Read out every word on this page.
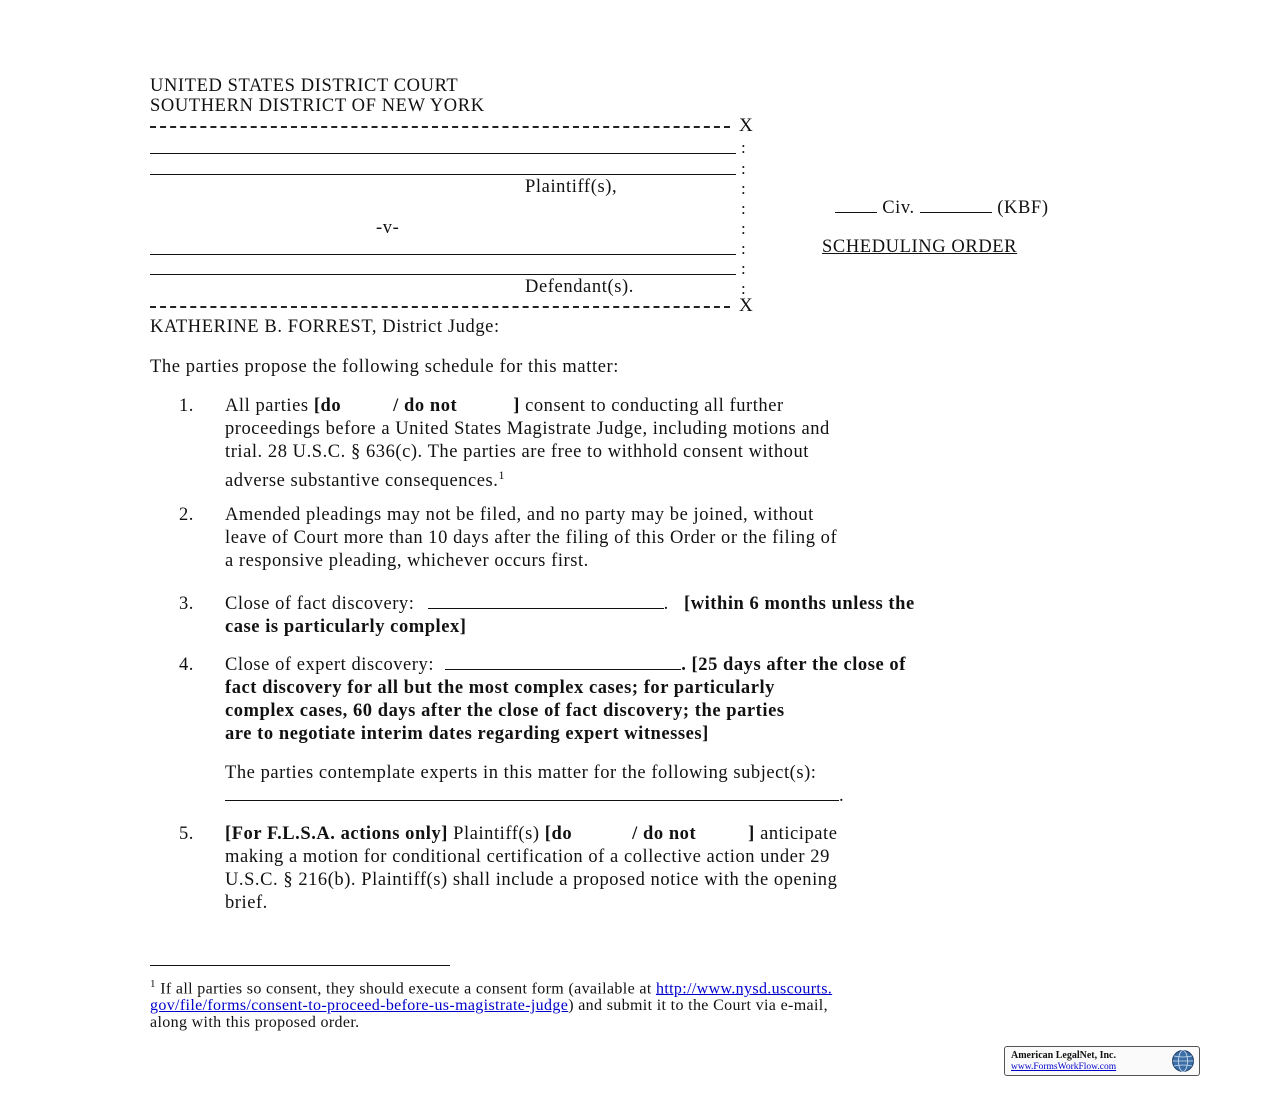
UNITED STATES DISTRICT COURT
SOUTHERN DISTRICT OF NEW YORK
X
:
:
Plaintiff(s),	:
:
-v-	:
:
:
Defendant(s).	:
X
Civ.	(KBF)
SCHEDULING ORDER
KATHERINE B. FORREST, District Judge:
The parties propose the following schedule for this matter:
1. All parties [do	/ do not	] consent to conducting all further
proceedings before a United States Magistrate Judge, including motions and
trial. 28 U.S.C. § 636(c). The parties are free to withhold consent without
adverse substantive consequences.$^1$
2. Amended pleadings may not be filed, and no party may be joined, without
leave of Court more than 10 days after the filing of this Order or the filing of
a responsive pleading, whichever occurs first.
3. Close of fact discovery:	. [within 6 months unless the
case is particularly complex]
4. Close of expert discovery:	. [25 days after the close of
fact discovery for all but the most complex cases; for particularly
complex cases, 60 days after the close of fact discovery; the parties
are to negotiate interim dates regarding expert witnesses]
The parties contemplate experts in this matter for the following subject(s):
.
5. [For F.L.S.A. actions only] Plaintiff(s) [do	/ do not	] anticipate
making a motion for conditional certification of a collective action under 29
U.S.C. § 216(b). Plaintiff(s) shall include a proposed notice with the opening
brief.
$^1$ If all parties so consent, they should execute a consent form (available at http://www.nysd.uscourts.
gov/file/forms/consent-to-proceed-before-us-magistrate-judge) and submit it to the Court via e-mail,
along with this proposed order.
American LegalNet, Inc.
www.FormsWorkFlow.com
